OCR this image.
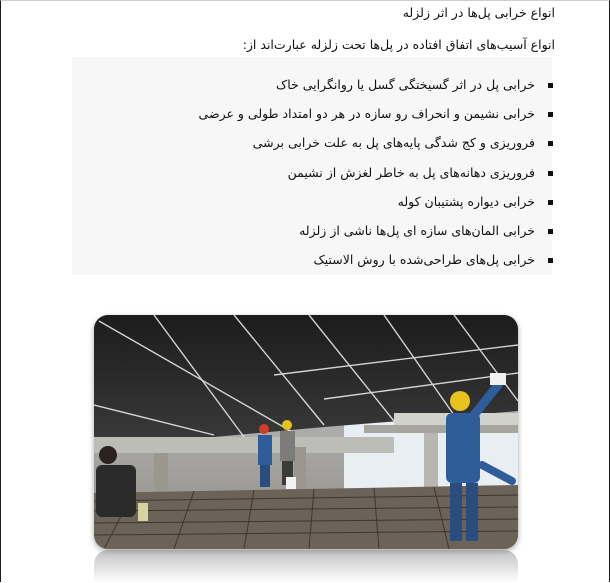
انواع خرابی پل‌ها در اثر زلزله
انواع آسیب‌های اتفاق افتاده در پل‌ها تحت زلزله عبارت‌اند از:
خرابی پل در اثر گسیختگی گسل یا روانگرایی خاک
خرابی نشیمن و انحراف رو سازه در هر دو امتداد طولی و عرضی
فروریزی و کج شدگی پایه‌های پل به علت خرابی برشی
فروریزی دهانه‌های پل به خاطر لغزش از نشیمن
خرابی دیواره پشتیبان کوله
خرابی المان‌های سازه ای پل‌ها ناشی از زلزله
خرابی پل‌های طراحی‌شده با روش الاستیک
